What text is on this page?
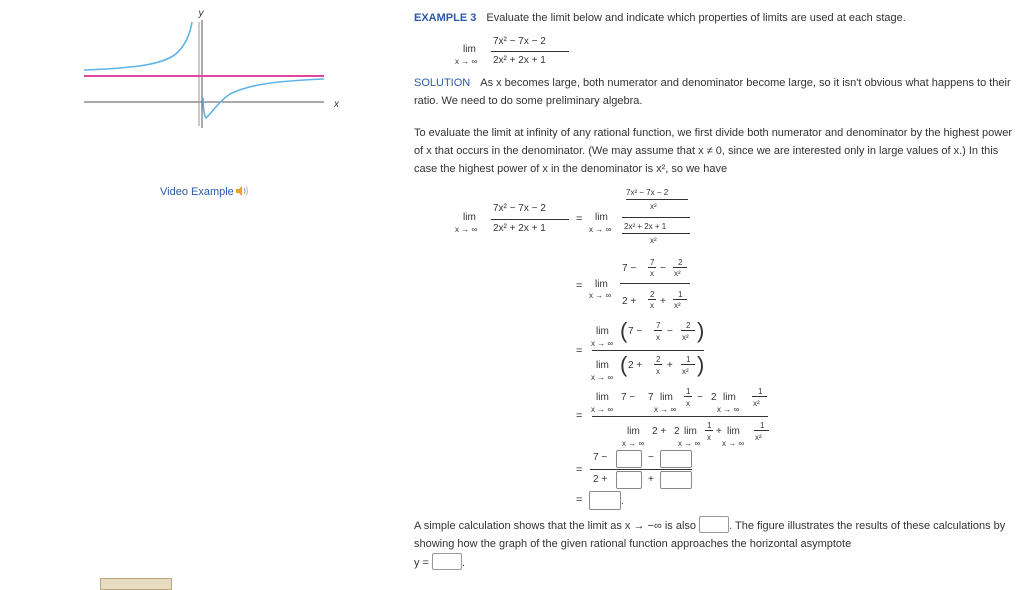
y
x
Video Example
EXAMPLE 3 Evaluate the limit below and indicate which properties of limits are used at each stage.
lim
x → ∞
7x² − 7x − 2
2x² + 2x + 1
SOLUTION As x becomes large, both numerator and denominator become large, so it isn't obvious what happens to their ratio. We need to do some preliminary algebra.
To evaluate the limit at infinity of any rational function, we first divide both numerator and denominator by the highest power of x that occurs in the denominator. (We may assume that x ≠ 0, since we are interested only in large values of x.) In this case the highest power of x in the denominator is x², so we have
lim
x → ∞
7x² − 7x − 2
2x² + 2x + 1
= lim
x → ∞
7x² − 7x − 2
x²
2x² + 2x + 1
x²
= lim
x → ∞
7 −
7
x −
2
x²
2 +
2
x +
1
x²
=
lim
x → ∞
( 7 −
7
x
−
2
x² )
lim
x → ∞
( 2 +
2
x
+
1
x² )
=
lim
x → ∞
7 − 7 lim
x → ∞
1
x
− 2 lim
x → ∞
1
x²
lim
x → ∞
2 + 2 lim
x → ∞
1
x
+ lim
x → ∞
1
x²
=
7 −	−
2 +	+
=	.
A simple calculation shows that the limit as x → −∞ is also	. The figure illustrates the results of these calculations by showing how the graph of the given rational function approaches the horizontal asymptote
y =	.
